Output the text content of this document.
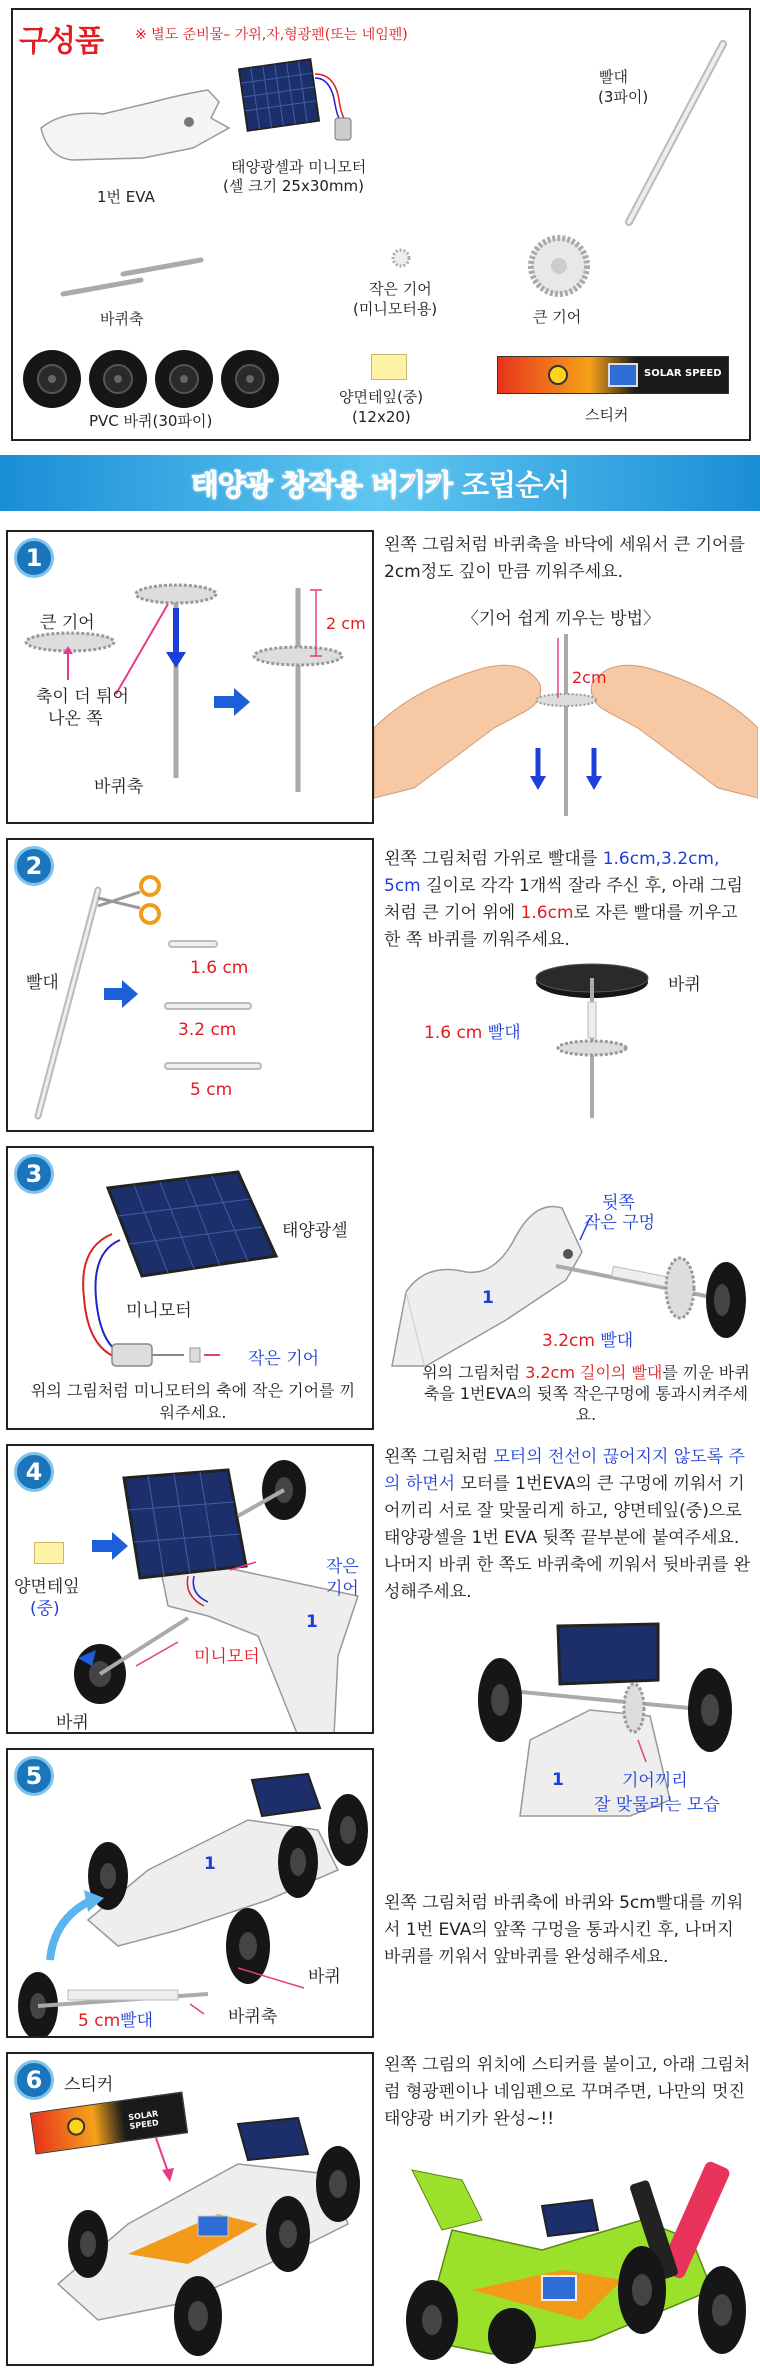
구성품 ※ 별도 준비물– 가위,자,형광펜(또는 네임펜)
1번 EVA
태양광셀과 미니모터
(셀 크기 25x30mm)
빨대
(3파이)
바퀴축
작은 기어
(미니모터용)	큰 기어
PVC 바퀴(30파이)
양면테잎(중)
(12x20)
SOLAR SPEED
스티커
태양광 창작용 버기카 조립순서
1
큰 기어
축이 더 튀어
나온 쪽
바퀴축
2 cm
왼쪽 그림처럼 바퀴축을 바닥에 세워서 큰 기어를 2cm정도 깊이 만큼 끼워주세요.
〈기어 쉽게 끼우는 방법〉
2cm
2
빨대
1.6 cm
3.2 cm
5 cm
왼쪽 그림처럼 가위로 빨대를 1.6cm,3.2cm, 5cm 길이로 각각 1개씩 잘라 주신 후, 아래 그림처럼 큰 기어 위에 1.6cm로 자른 빨대를 끼우고 한 쪽 바퀴를 끼워주세요.
바퀴
1.6 cm 빨대
3
태양광셀
미니모터
작은 기어
위의 그림처럼 미니모터의 축에 작은 기어를 끼워주세요.
뒷쪽
작은 구멍
3.2cm 빨대
1
위의 그림처럼 3.2cm 길이의 빨대를 끼운 바퀴축을 1번EVA의 뒷쪽 작은구멍에 통과시켜주세요.
4
양면테잎
(중)
작은
기어
미니모터
바퀴
1
왼쪽 그림처럼 모터의 전선이 끊어지지 않도록 주의 하면서 모터를 1번EVA의 큰 구멍에 끼워서 기어끼리 서로 잘 맞물리게 하고, 양면테잎(중)으로 태양광셀을 1번 EVA 뒷쪽 끝부분에 붙여주세요. 나머지 바퀴 한 쪽도 바퀴축에 끼워서 뒷바퀴를 완성해주세요.
기어끼리
잘 맞물리는 모습
1
5
바퀴
5 cm빨대	바퀴축
1
왼쪽 그림처럼 바퀴축에 바퀴와 5cm빨대를 끼워서 1번 EVA의 앞쪽 구멍을 통과시킨 후, 나머지 바퀴를 끼워서 앞바퀴를 완성해주세요.
6	스티커
SOLAR SPEED
왼쪽 그림의 위치에 스티커를 붙이고, 아래 그림처럼 형광펜이나 네임펜으로 꾸며주면, 나만의 멋진 태양광 버기카 완성~!!
